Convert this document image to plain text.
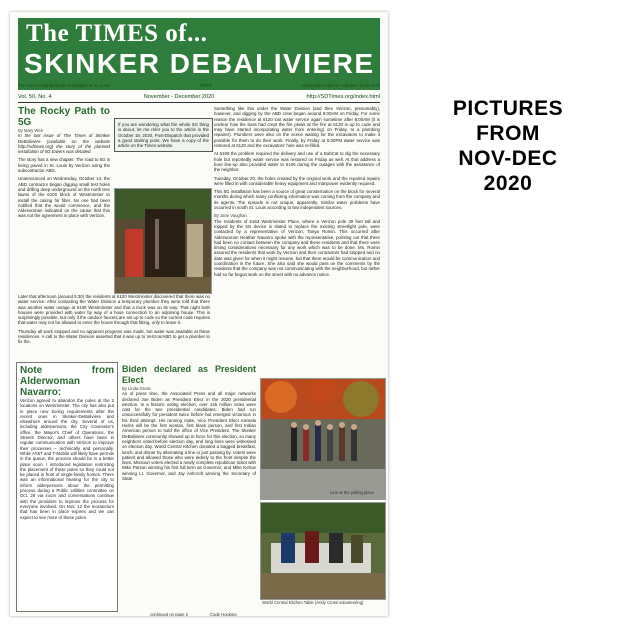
The TIMES of...
SKINKER DEBALIVIERE
The oldest neighborhood newspaper in St. Louis	FREE	Independent and all volunteer since 1970
Vol. 50, No. 4	November - December 2020	http://SDTimes.org/index.html
The Rocky Path to 5G
By Mary Weir

In the last issue of The Times of Skinker DeBaliviere (available on the website http://sdtimes.org) the story of the planned installation of 5G towers was detailed.

The story has a new chapter. The road to 5G is being paved in St. Louis by Verizon using the subcontractor ABD.

Unannounced on Wednesday, October 14, the ABD contractor began digging small test holes and drilling deep underground on the north tree lawns of the 6100 block of Westminster to install the casing for fiber. No one had been notified that the would commence, and the Alderwoman indicated on the cause that this was not the agreement in place with Verizon.

If you are wondering what the whole 5G thing is about, let me refer you to the article in the October 18, 2020, Post-Dispatch that provided a good starting point. We have a copy of the article on the Times website.

Later that afternoon (around 5:30) the residents at 6120 Westminster discovered that there was no water service. After contacting the Water Division a temporary plumber they were told that there was another water outage at 6106 Westminster and that a truck was on its way. That night both houses were provided with water by way of a hose connection to an adjoining house. This is surprisingly possible, but only if the outdoor faucets are set up to code so the current code requires that water may not be allowed to enter the house through that fitting, only to leave it.

Thursday all work stopped and no apparent progress was made, but water was available at these residences. A call to the Water Division asserted that it was up to Verizon/ABD to get a plumber to fix the.

Something like this under the Water Division (and then Verizon, presumably), however, and digging by the ABD crew began around 8:00AM on Friday. For some reason the residence at 6120 lost water service again sometime after 8:00AM (it is unclear how the boss had crept the fire plows at the fire at 6120 in up to code and may have started incorporating water from entering) on Friday, to a plumbing repairer). Plumbers were also on the scene waiting for the excavators to make it possible for them to do their work. Finally, by Friday at 5:00PM water service was restored at 6120 and the excavators' hole was re-filled.

At 6106 the problem required the delivery and use of a BobCat to dig the necessary hole but reportedly water service was restored on Friday as well. At that address a bore line-up also provided water to 6106 during the outages with the assistance of the neighbor.

Tuesday, October 20, the holes created by the original work and the repaired repairs were filled in with considerable heavy equipment and manpower evidently required.

This 5G installation has been a source of great consternation on the block for several months during which many conflicting information was coming from the company and its agents. The episode is not unique, apparently. Similar water problems have occurred in south St. Louis according to two independent sources.

By Jane Vaughan

The residents of 6163 Westminster Place, where a Verizon pole 39 feet tall and topped by the 5G device is slated to replace the existing streetlight pole, were contacted by a representative of Verizon, Tanya Romin. This occurred after Alderwoman Heather Navarro spoke with the representative, pointing out that there had been no contact between the company and these residents and that there were timing considerations necessary for any work which was to be done. Ms. Romin assured the residents that work by Verizon and their contractors had stopped and no date was given for when it might resume, but that there would be communication and coordination in the future. She also said she would pass on the comments by the residents that the company was not communicating with the neighborhood, but rather had so far begun work on the street with no advance notice.

Note from Alderwoman Navarro:

Verizon agreed to abandon the poles at the 2 locations on Westminster. The city has also put in place new boring requirements after the recent ones in Skinker-DeBaliviere and elsewhere around the city. Several of us, including alderpersons, the City Counselor's office, the Mayor's Chief of Operations, the Streets Director, and others have been in regular communication with Verizon to improve their processes – technically and personally. While AT&T and T-Mobile will likely have permits in the queue, the process should be in a better place soon. I introduced legislation restricting the placement of these poles so they could not be placed in front of single-family homes. There was an informational hearing for the city to inform alderpersons about the permitting process during a Public Utilities committee on Oct. 29 via zoom and conversations continue with the providers to improve the process for everyone involved. On Nov. 12 the moratorium that has been in place expires and we can expect to see more of these poles.

Biden declared as President Elect
By Linda Gross

As of press time, the Associated Press and all major networks declared Joe Biden as President Elect in the 2020 presidential election. In a historic voting election, over 145 million votes were cast for the two presidential candidates. Biden had run unsuccessfully for president twice before but emerged victorious in his third attempt. His running mate, Vice President Elect Kamala Harris will be the first woman, first black person, and first Indian American person to hold the office of Vice President. The Skinker DeBaliviere community showed up in force for this election, so many neighbors voted before election day, and long lines were witnessed on election day. World Central Kitchen donated a bagged breakfast, lunch, and dinner by alternating a line or just passing by. Voters were patient and allowed those who were elderly to the front despite the lines. Missouri voters elected a newly complete republican ticket with Mike Parson winning his first full term as Governor, and Mike Kehoe winning Lt. Governor, and Jay Ashcroft winning the Secretary of State.

Line at the polling place
World Central Kitchen Table (Andy Cross volunteering)
continued on page 2	Code Hooking
PICTURES
FROM
NOV-DEC
2020
